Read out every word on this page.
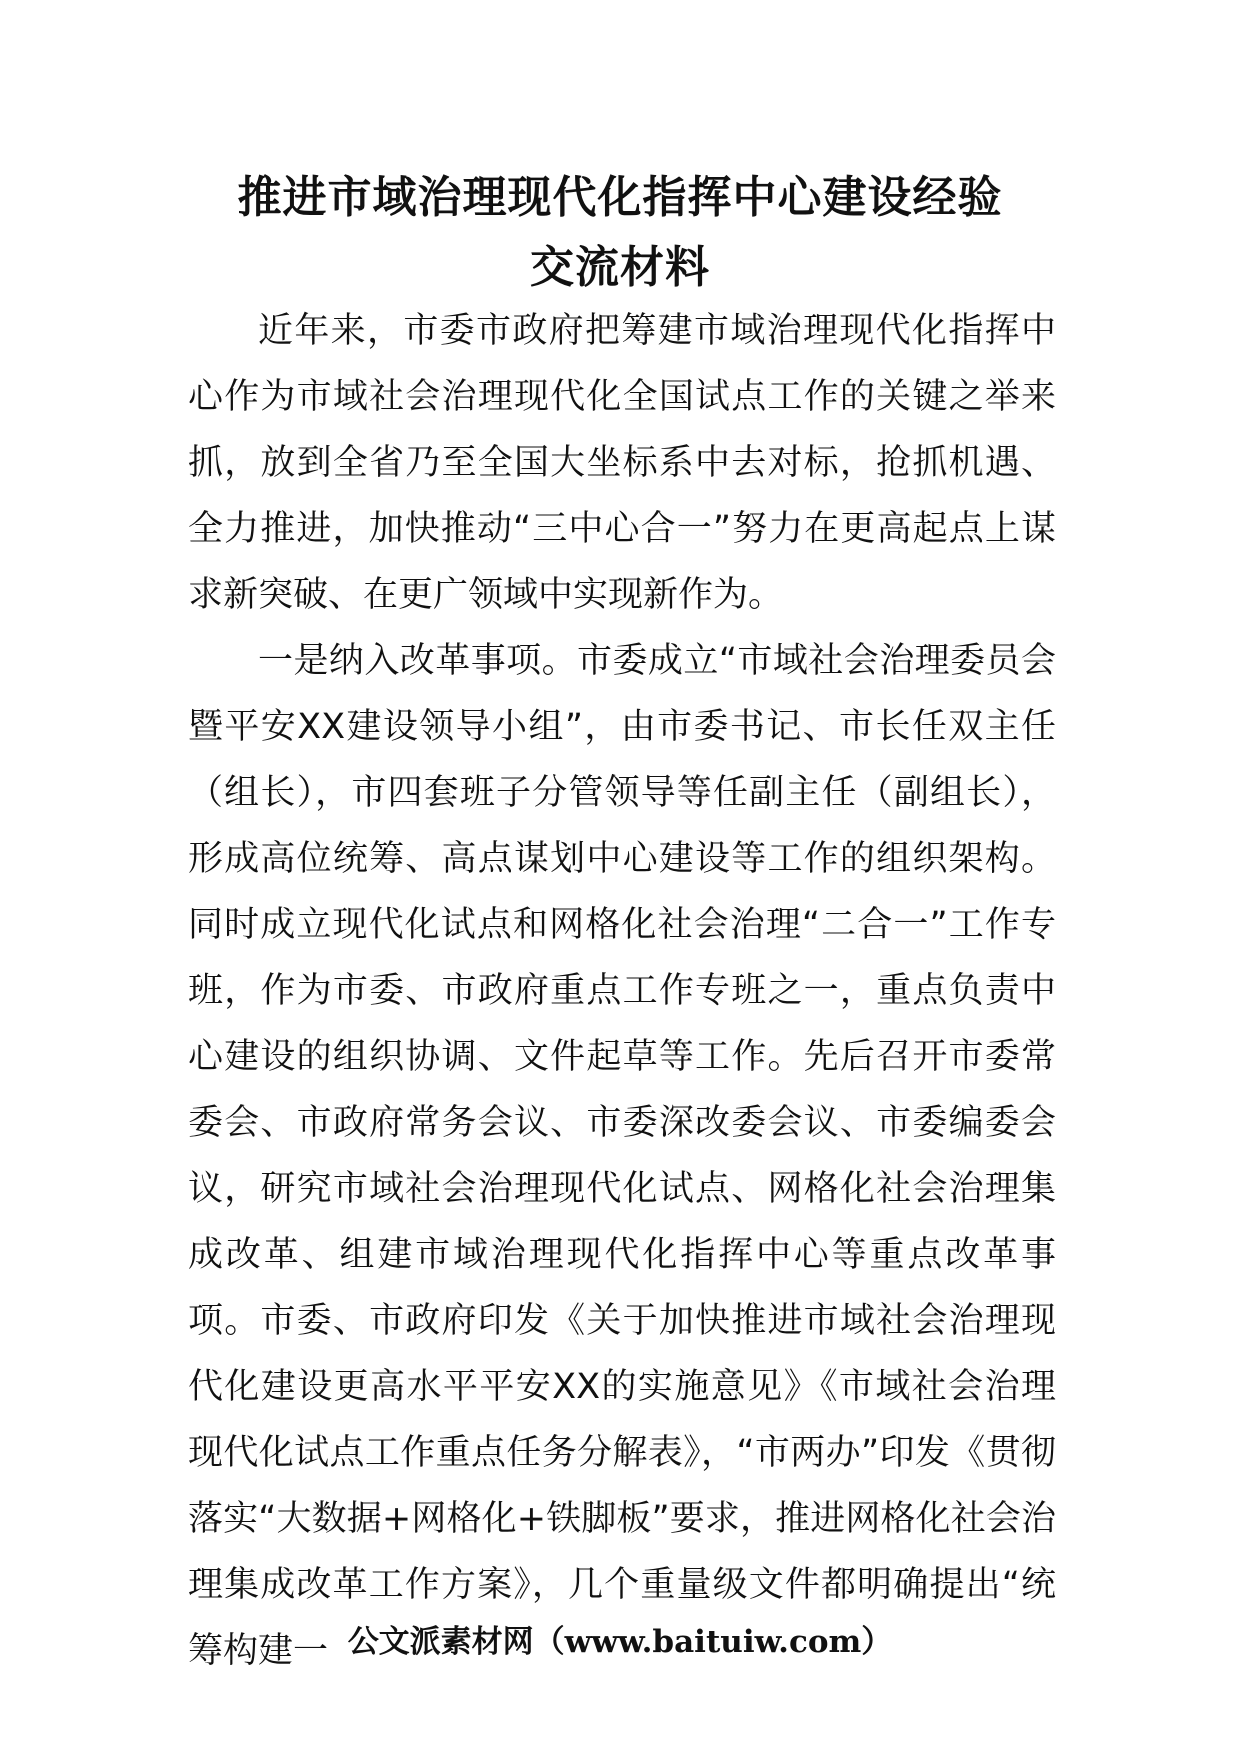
推进市域治理现代化指挥中心建设经验
交流材料

近年来，市委市政府把筹建市域治理现代化指挥中心作为市域社会治理现代化全国试点工作的关键之举来抓，放到全省乃至全国大坐标系中去对标，抢抓机遇、全力推进，加快推动“三中心合一”努力在更高起点上谋求新突破、在更广领域中实现新作为。

一是纳入改革事项。市委成立“市域社会治理委员会暨平安XX建设领导小组”，由市委书记、市长任双主任（组长），市四套班子分管领导等任副主任（副组长），形成高位统筹、高点谋划中心建设等工作的组织架构。同时成立现代化试点和网格化社会治理“二合一”工作专班，作为市委、市政府重点工作专班之一，重点负责中心建设的组织协调、文件起草等工作。先后召开市委常委会、市政府常务会议、市委深改委会议、市委编委会议，研究市域社会治理现代化试点、网格化社会治理集成改革、组建市域治理现代化指挥中心等重点改革事项。市委、市政府印发《关于加快推进市域社会治理现代化建设更高水平平安XX的实施意见》《市域社会治理现代化试点工作重点任务分解表》，“市两办”印发《贯彻落实“大数据+网格化+铁脚板”要求，推进网格化社会治理集成改革工作方案》，几个重量级文件都明确提出“统筹构建一 公文派素材网（www.baituiw.com）
